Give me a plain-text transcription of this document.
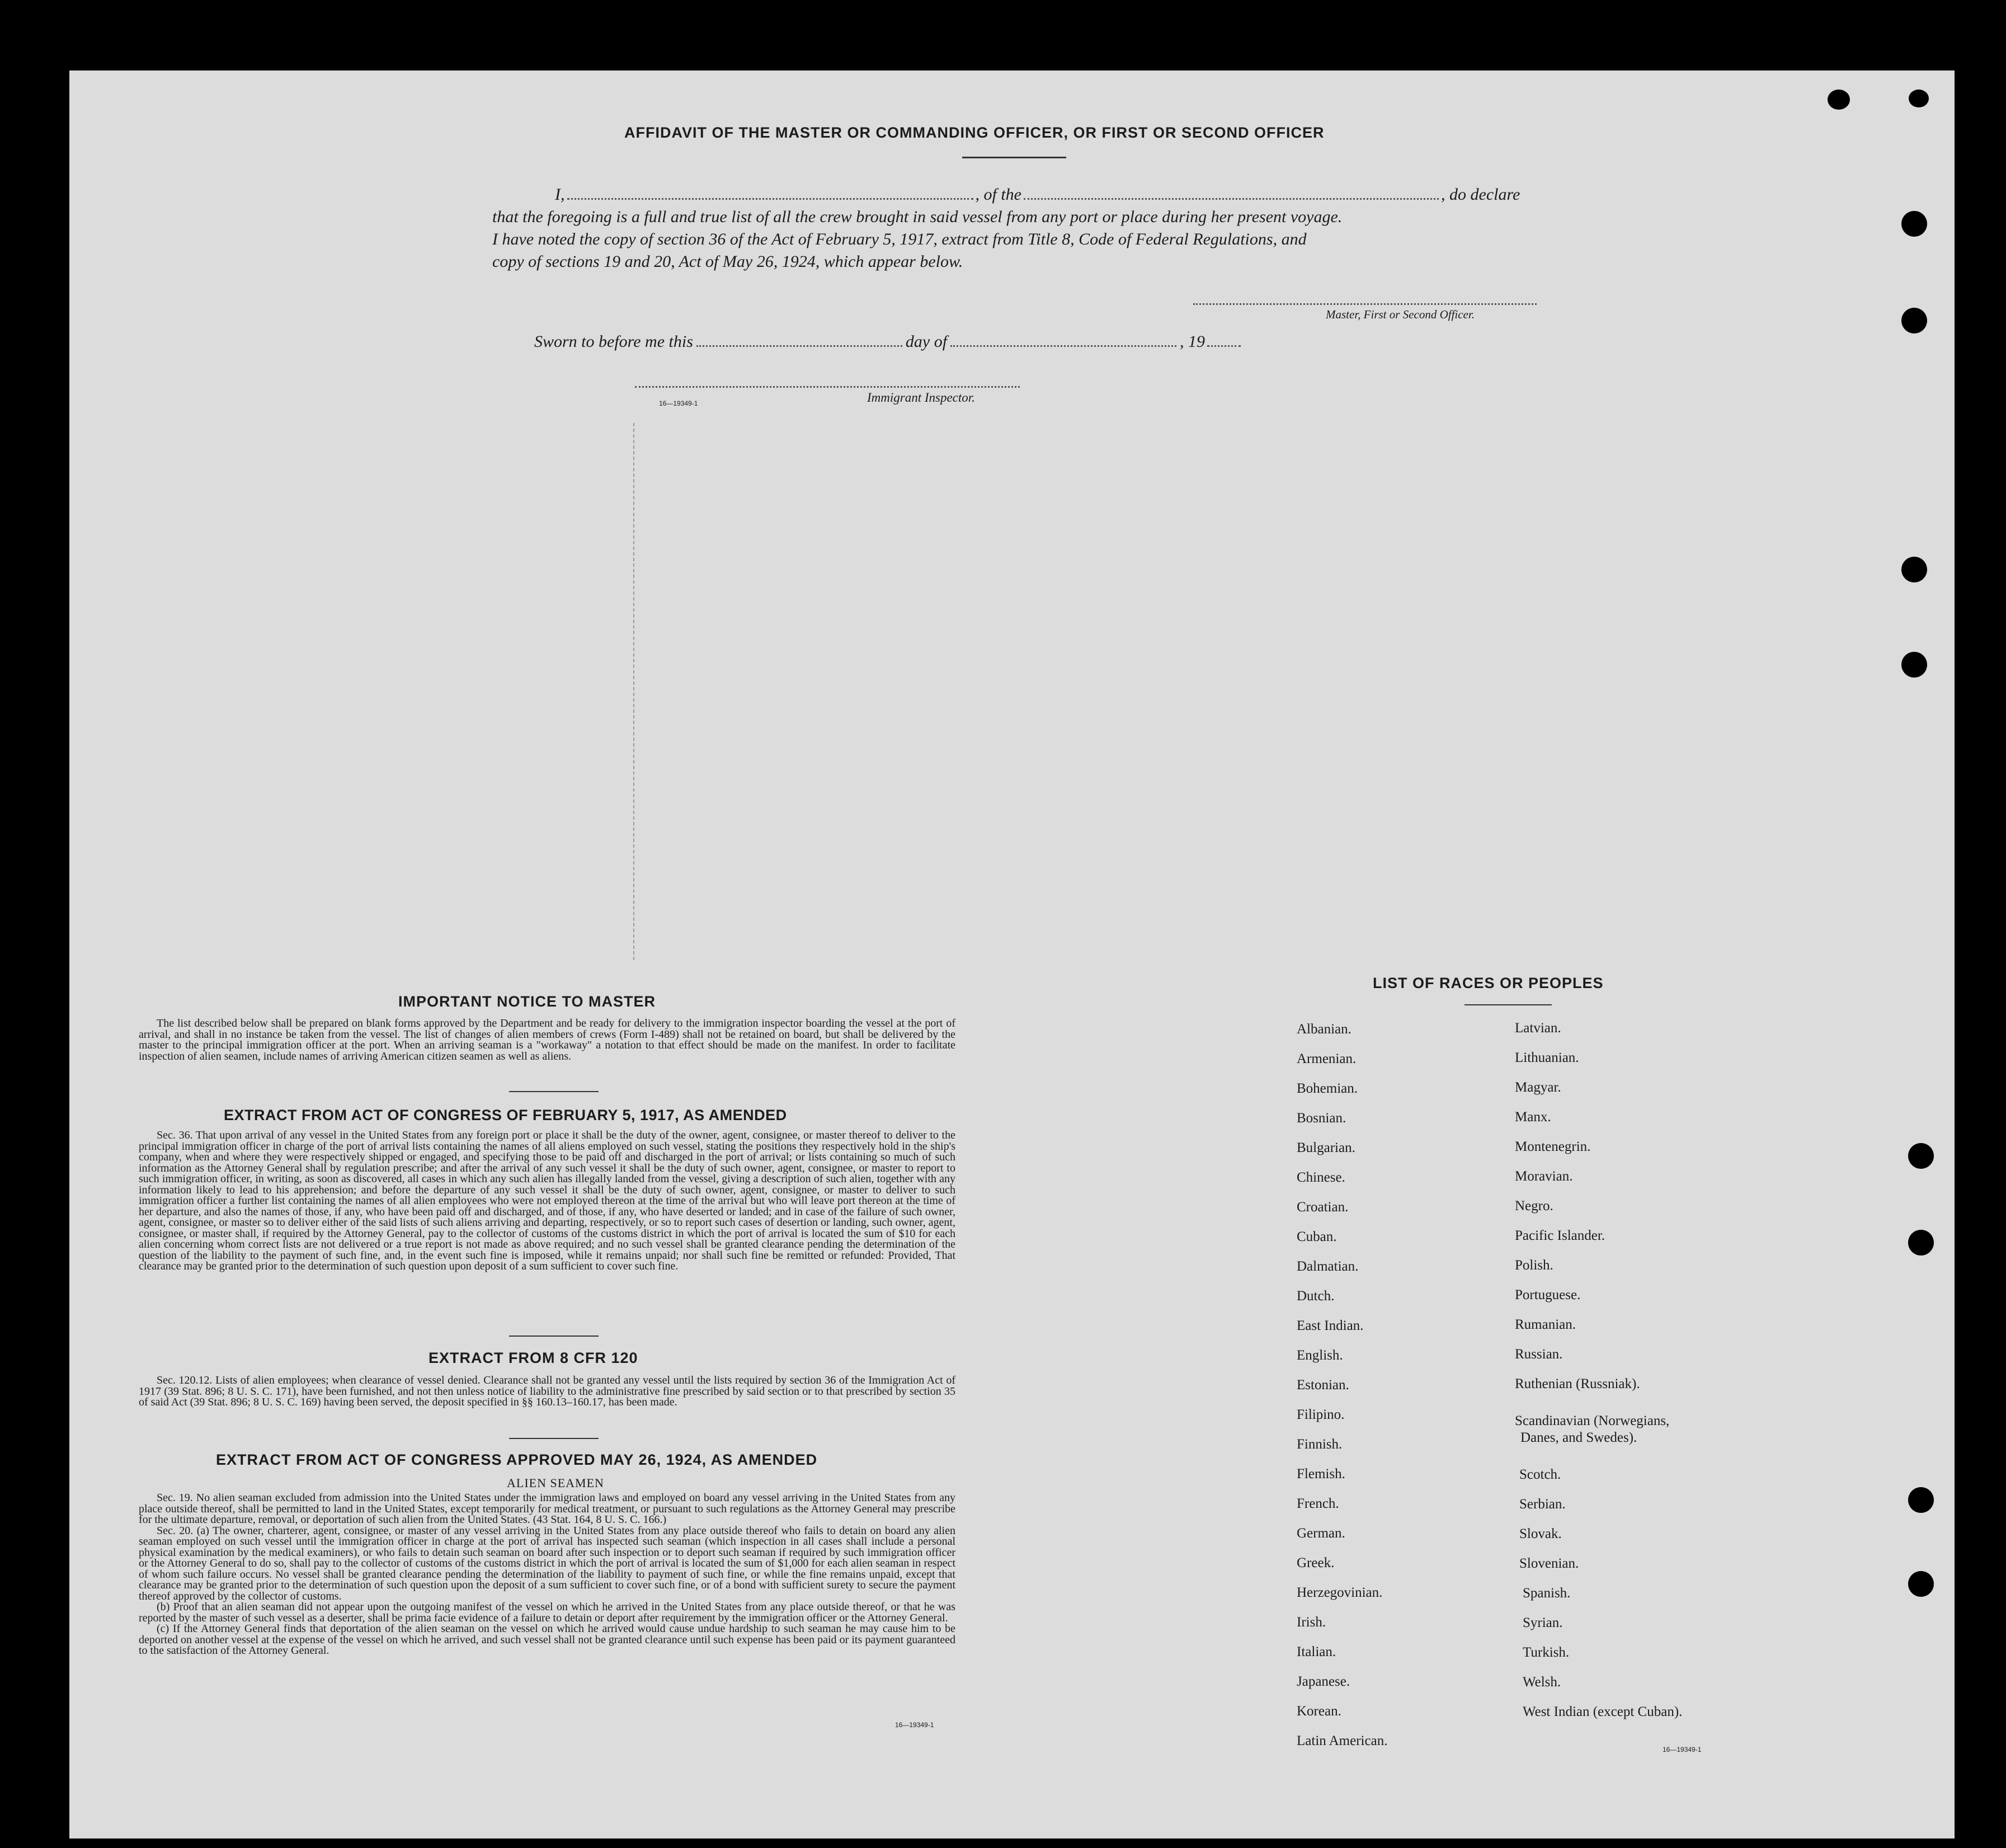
AFFIDAVIT OF THE MASTER OR COMMANDING OFFICER, OR FIRST OR SECOND OFFICER
I,	, of the	, do declare
that the foregoing is a full and true list of all the crew brought in said vessel from any port or place during her present voyage.
I have noted the copy of section 36 of the Act of February 5, 1917, extract from Title 8, Code of Federal Regulations, and
copy of sections 19 and 20, Act of May 26, 1924, which appear below.
Master, First or Second Officer.
Sworn to before me this	day of	, 19
16—19349-1	Immigrant Inspector.
IMPORTANT NOTICE TO MASTER

The list described below shall be prepared on blank forms approved by the Department and be ready for delivery to the immigration inspector boarding the vessel at the port of arrival, and shall in no instance be taken from the vessel. The list of changes of alien members of crews (Form I-489) shall not be retained on board, but shall be delivered by the master to the principal immigration officer at the port. When an arriving seaman is a "workaway" a notation to that effect should be made on the manifest. In order to facilitate inspection of alien seamen, include names of arriving American citizen seamen as well as aliens.

EXTRACT FROM ACT OF CONGRESS OF FEBRUARY 5, 1917, AS AMENDED

Sec. 36. That upon arrival of any vessel in the United States from any foreign port or place it shall be the duty of the owner, agent, consignee, or master thereof to deliver to the principal immigration officer in charge of the port of arrival lists containing the names of all aliens employed on such vessel, stating the positions they respectively hold in the ship's company, when and where they were respectively shipped or engaged, and specifying those to be paid off and discharged in the port of arrival; or lists containing so much of such information as the Attorney General shall by regulation prescribe; and after the arrival of any such vessel it shall be the duty of such owner, agent, consignee, or master to report to such immigration officer, in writing, as soon as discovered, all cases in which any such alien has illegally landed from the vessel, giving a description of such alien, together with any information likely to lead to his apprehension; and before the departure of any such vessel it shall be the duty of such owner, agent, consignee, or master to deliver to such immigration officer a further list containing the names of all alien employees who were not employed thereon at the time of the arrival but who will leave port thereon at the time of her departure, and also the names of those, if any, who have been paid off and discharged, and of those, if any, who have deserted or landed; and in case of the failure of such owner, agent, consignee, or master so to deliver either of the said lists of such aliens arriving and departing, respectively, or so to report such cases of desertion or landing, such owner, agent, consignee, or master shall, if required by the Attorney General, pay to the collector of customs of the customs district in which the port of arrival is located the sum of $10 for each alien concerning whom correct lists are not delivered or a true report is not made as above required; and no such vessel shall be granted clearance pending the determination of the question of the liability to the payment of such fine, and, in the event such fine is imposed, while it remains unpaid; nor shall such fine be remitted or refunded: Provided, That clearance may be granted prior to the determination of such question upon deposit of a sum sufficient to cover such fine.

EXTRACT FROM 8 CFR 120

Sec. 120.12. Lists of alien employees; when clearance of vessel denied. Clearance shall not be granted any vessel until the lists required by section 36 of the Immigration Act of 1917 (39 Stat. 896; 8 U. S. C. 171), have been furnished, and not then unless notice of liability to the administrative fine prescribed by said section or to that prescribed by section 35 of said Act (39 Stat. 896; 8 U. S. C. 169) having been served, the deposit specified in §§ 160.13–160.17, has been made.

EXTRACT FROM ACT OF CONGRESS APPROVED MAY 26, 1924, AS AMENDED
ALIEN SEAMEN

Sec. 19. No alien seaman excluded from admission into the United States under the immigration laws and employed on board any vessel arriving in the United States from any place outside thereof, shall be permitted to land in the United States, except temporarily for medical treatment, or pursuant to such regulations as the Attorney General may prescribe for the ultimate departure, removal, or deportation of such alien from the United States. (43 Stat. 164, 8 U. S. C. 166.)

Sec. 20. (a) The owner, charterer, agent, consignee, or master of any vessel arriving in the United States from any place outside thereof who fails to detain on board any alien seaman employed on such vessel until the immigration officer in charge at the port of arrival has inspected such seaman (which inspection in all cases shall include a personal physical examination by the medical examiners), or who fails to detain such seaman on board after such inspection or to deport such seaman if required by such immigration officer or the Attorney General to do so, shall pay to the collector of customs of the customs district in which the port of arrival is located the sum of $1,000 for each alien seaman in respect of whom such failure occurs. No vessel shall be granted clearance pending the determination of the liability to payment of such fine, or while the fine remains unpaid, except that clearance may be granted prior to the determination of such question upon the deposit of a sum sufficient to cover such fine, or of a bond with sufficient surety to secure the payment thereof approved by the collector of customs.

(b) Proof that an alien seaman did not appear upon the outgoing manifest of the vessel on which he arrived in the United States from any place outside thereof, or that he was reported by the master of such vessel as a deserter, shall be prima facie evidence of a failure to detain or deport after requirement by the immigration officer or the Attorney General.

(c) If the Attorney General finds that deportation of the alien seaman on the vessel on which he arrived would cause undue hardship to such seaman he may cause him to be deported on another vessel at the expense of the vessel on which he arrived, and such vessel shall not be granted clearance until such expense has been paid or its payment guaranteed to the satisfaction of the Attorney General.

16—19349-1
LIST OF RACES OR PEOPLES
Albanian.
Armenian.
Bohemian.
Bosnian.
Bulgarian.
Chinese.
Croatian.
Cuban.
Dalmatian.
Dutch.
East Indian.
English.
Estonian.
Filipino.
Finnish.
Flemish.
French.
German.
Greek.
Herzegovinian.
Irish.
Italian.
Japanese.
Korean.
Latin American.
Latvian.
Lithuanian.
Magyar.
Manx.
Montenegrin.
Moravian.
Negro.
Pacific Islander.
Polish.
Portuguese.
Rumanian.
Russian.
Ruthenian (Russniak).
Scandinavian (Norwegians,
Danes, and Swedes).
Scotch.
Serbian.
Slovak.
Slovenian.
Spanish.
Syrian.
Turkish.
Welsh.
West Indian (except Cuban).
16—19349-1
